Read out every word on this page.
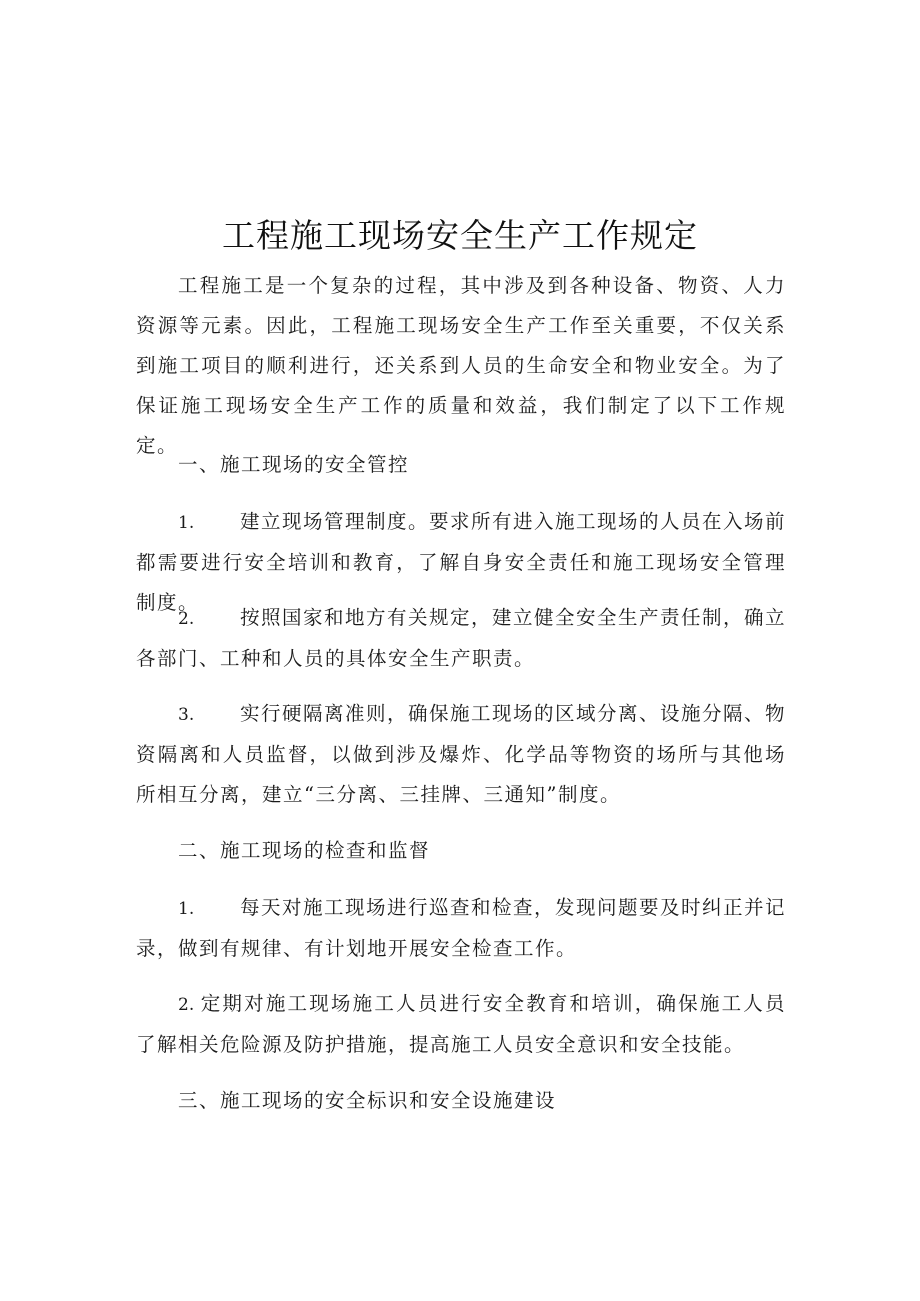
工程施工现场安全生产工作规定

工程施工是一个复杂的过程，其中涉及到各种设备、物资、人力资源等元素。因此，工程施工现场安全生产工作至关重要，不仅关系到施工项目的顺利进行，还关系到人员的生命安全和物业安全。为了保证施工现场安全生产工作的质量和效益，我们制定了以下工作规定。

一、施工现场的安全管控

1. 建立现场管理制度。要求所有进入施工现场的人员在入场前都需要进行安全培训和教育，了解自身安全责任和施工现场安全管理制度。

2. 按照国家和地方有关规定，建立健全安全生产责任制，确立各部门、工种和人员的具体安全生产职责。

3. 实行硬隔离准则，确保施工现场的区域分离、设施分隔、物资隔离和人员监督，以做到涉及爆炸、化学品等物资的场所与其他场所相互分离，建立“三分离、三挂牌、三通知”制度。

二、施工现场的检查和监督

1. 每天对施工现场进行巡查和检查，发现问题要及时纠正并记录，做到有规律、有计划地开展安全检查工作。

2. 定期对施工现场施工人员进行安全教育和培训，确保施工人员了解相关危险源及防护措施，提高施工人员安全意识和安全技能。

三、施工现场的安全标识和安全设施建设
